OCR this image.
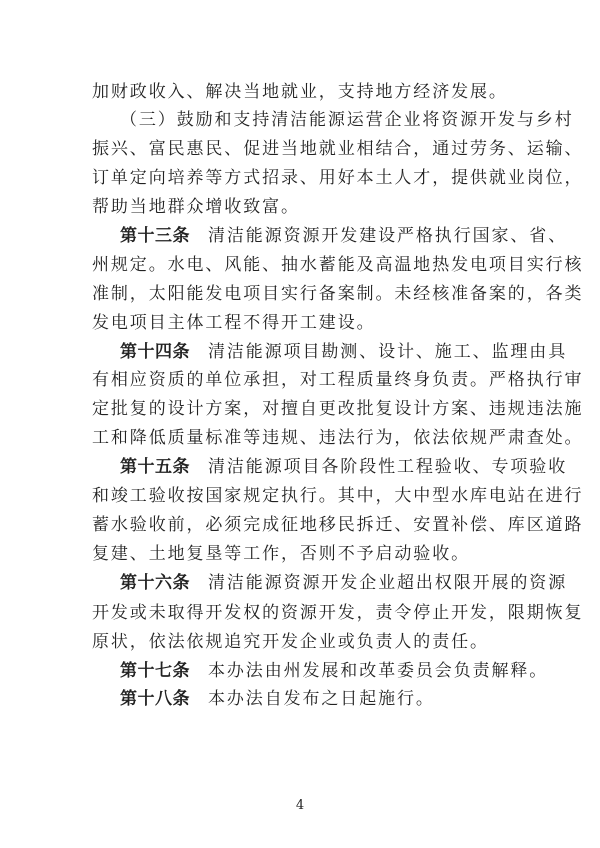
加财政收入、解决当地就业，支持地方经济发展。
（三）鼓励和支持清洁能源运营企业将资源开发与乡村
振兴、富民惠民、促进当地就业相结合，通过劳务、运输、
订单定向培养等方式招录、用好本土人才，提供就业岗位，
帮助当地群众增收致富。
第十三条 清洁能源资源开发建设严格执行国家、省、
州规定。水电、风能、抽水蓄能及高温地热发电项目实行核
准制，太阳能发电项目实行备案制。未经核准备案的，各类
发电项目主体工程不得开工建设。
第十四条 清洁能源项目勘测、设计、施工、监理由具
有相应资质的单位承担，对工程质量终身负责。严格执行审
定批复的设计方案，对擅自更改批复设计方案、违规违法施
工和降低质量标准等违规、违法行为，依法依规严肃查处。
第十五条 清洁能源项目各阶段性工程验收、专项验收
和竣工验收按国家规定执行。其中，大中型水库电站在进行
蓄水验收前，必须完成征地移民拆迁、安置补偿、库区道路
复建、土地复垦等工作，否则不予启动验收。
第十六条 清洁能源资源开发企业超出权限开展的资源
开发或未取得开发权的资源开发，责令停止开发，限期恢复
原状，依法依规追究开发企业或负责人的责任。
第十七条 本办法由州发展和改革委员会负责解释。
第十八条 本办法自发布之日起施行。
4
